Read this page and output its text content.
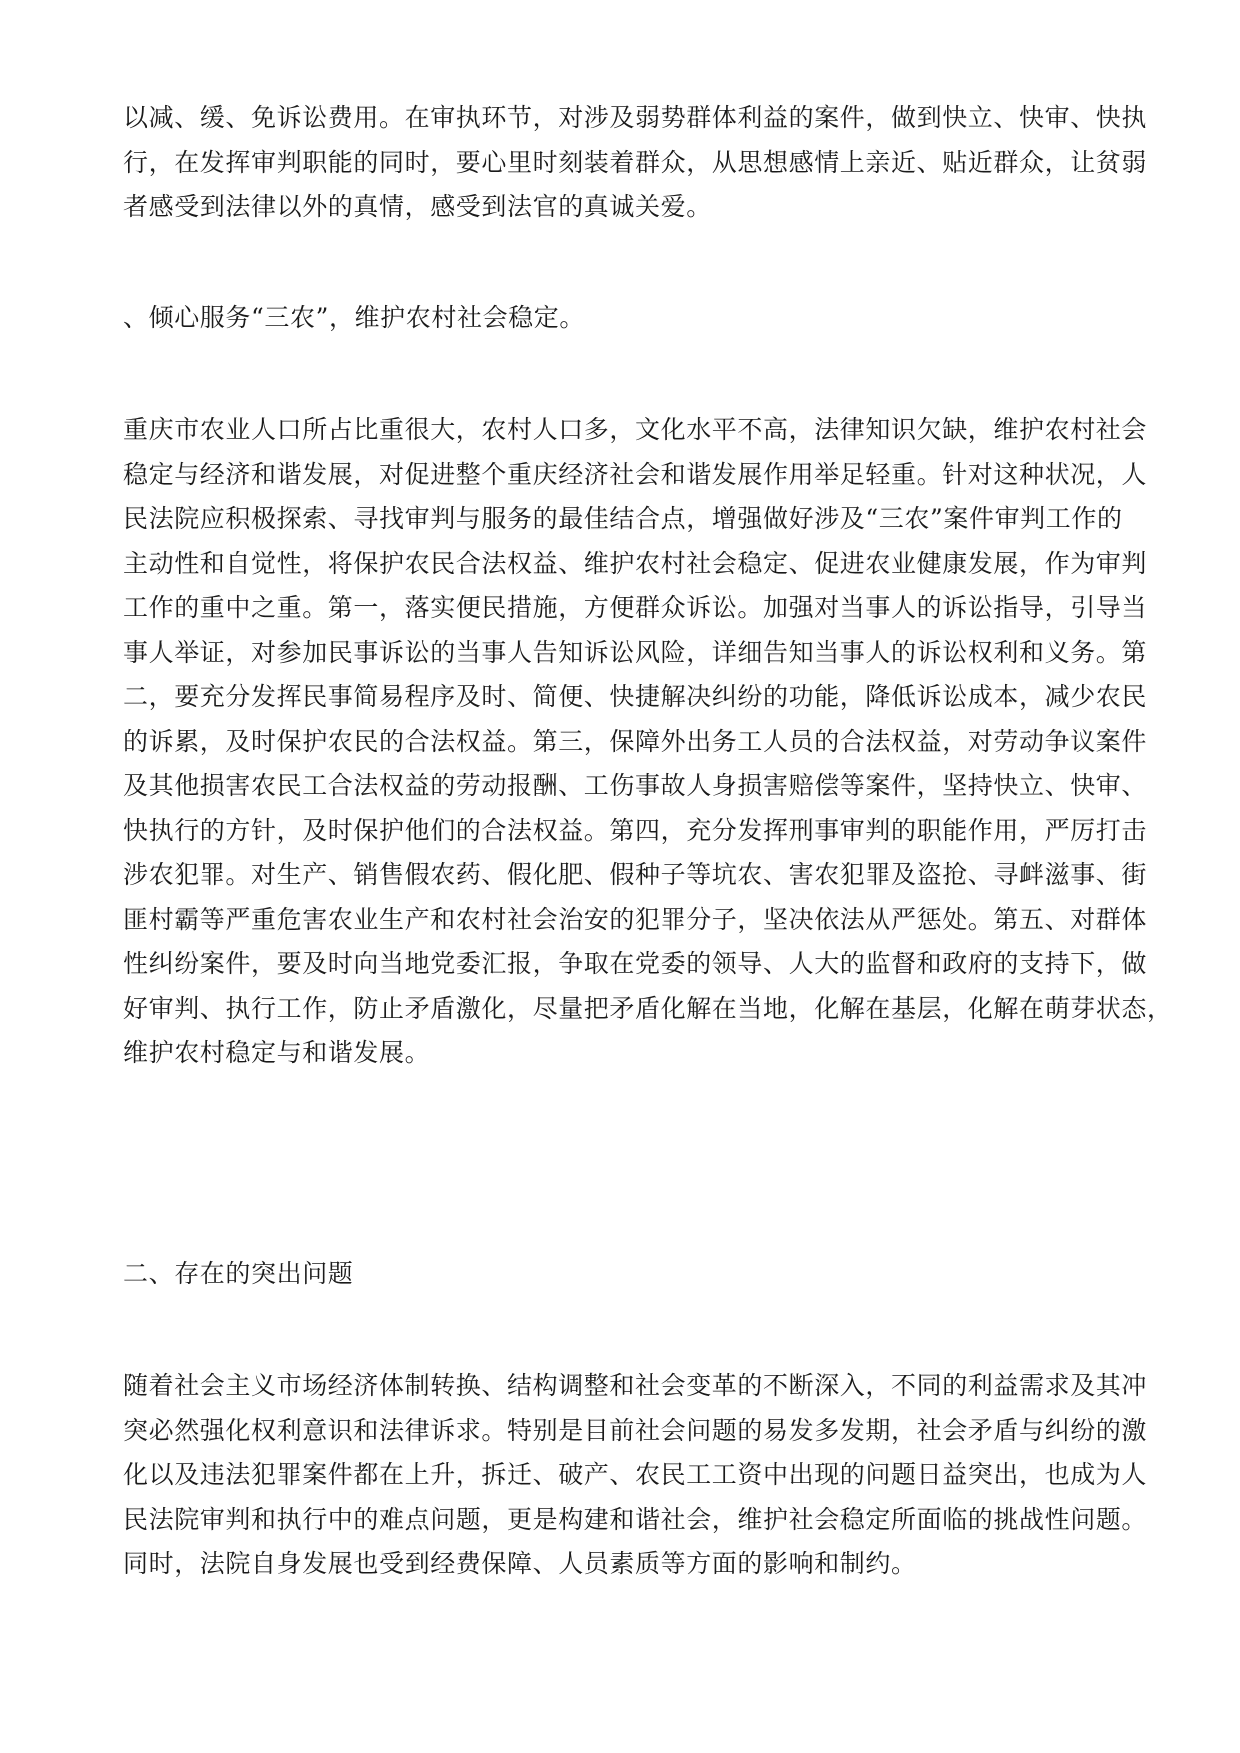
以减、缓、免诉讼费用。在审执环节，对涉及弱势群体利益的案件，做到快立、快审、快执

行，在发挥审判职能的同时，要心里时刻装着群众，从思想感情上亲近、贴近群众，让贫弱

者感受到法律以外的真情，感受到法官的真诚关爱。

、倾心服务“三农”，维护农村社会稳定。

重庆市农业人口所占比重很大，农村人口多，文化水平不高，法律知识欠缺，维护农村社会

稳定与经济和谐发展，对促进整个重庆经济社会和谐发展作用举足轻重。针对这种状况，人

民法院应积极探索、寻找审判与服务的最佳结合点，增强做好涉及“三农”案件审判工作的

主动性和自觉性，将保护农民合法权益、维护农村社会稳定、促进农业健康发展，作为审判

工作的重中之重。第一，落实便民措施，方便群众诉讼。加强对当事人的诉讼指导，引导当

事人举证，对参加民事诉讼的当事人告知诉讼风险，详细告知当事人的诉讼权利和义务。第

二，要充分发挥民事简易程序及时、简便、快捷解决纠纷的功能，降低诉讼成本，减少农民

的诉累，及时保护农民的合法权益。第三，保障外出务工人员的合法权益，对劳动争议案件

及其他损害农民工合法权益的劳动报酬、工伤事故人身损害赔偿等案件，坚持快立、快审、

快执行的方针，及时保护他们的合法权益。第四，充分发挥刑事审判的职能作用，严厉打击

涉农犯罪。对生产、销售假农药、假化肥、假种子等坑农、害农犯罪及盗抢、寻衅滋事、街

匪村霸等严重危害农业生产和农村社会治安的犯罪分子，坚决依法从严惩处。第五、对群体

性纠纷案件，要及时向当地党委汇报，争取在党委的领导、人大的监督和政府的支持下，做

好审判、执行工作，防止矛盾激化，尽量把矛盾化解在当地，化解在基层，化解在萌芽状态，

维护农村稳定与和谐发展。

二、存在的突出问题

随着社会主义市场经济体制转换、结构调整和社会变革的不断深入，不同的利益需求及其冲

突必然强化权利意识和法律诉求。特别是目前社会问题的易发多发期，社会矛盾与纠纷的激

化以及违法犯罪案件都在上升，拆迁、破产、农民工工资中出现的问题日益突出，也成为人

民法院审判和执行中的难点问题，更是构建和谐社会，维护社会稳定所面临的挑战性问题。

同时，法院自身发展也受到经费保障、人员素质等方面的影响和制约。
